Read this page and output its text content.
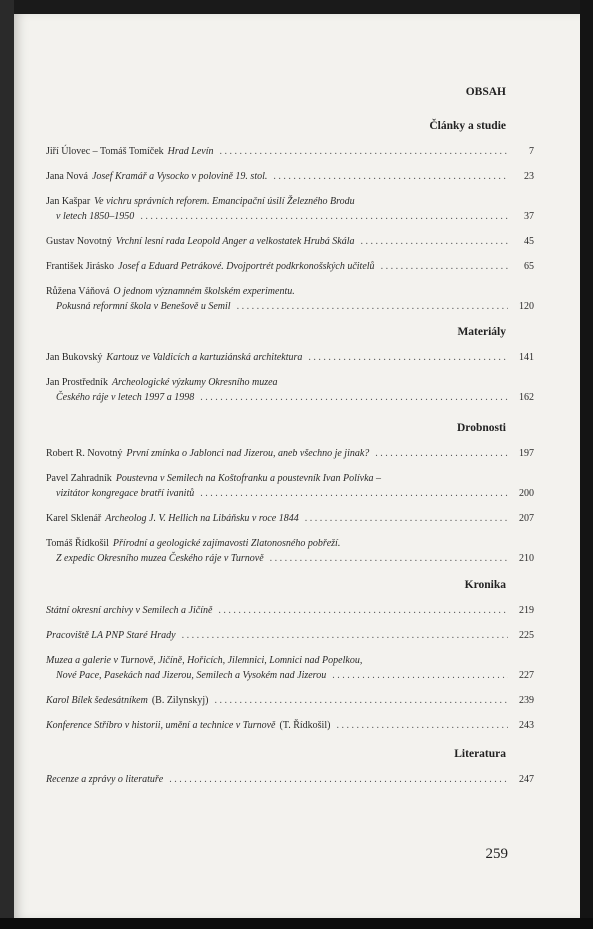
OBSAH
Články a studie
Jiří Úlovec – Tomáš Tomíček Hrad Levín . . .	7
Jana Nová Josef Kramář a Vysocko v polovině 19. stol. . . .	23
Jan Kašpar Ve vichru správních reforem. Emancipační úsilí Železného Brodu
v letech 1850–1950 . . .	37
Gustav Novotný Vrchní lesní rada Leopold Anger a velkostatek Hrubá Skála . . .	45
František Jirásko Josef a Eduard Petrákové. Dvojportrét podkrkonošských učitelů . . .	65
Růžena Váňová O jednom významném školském experimentu.
Pokusná reformní škola v Benešově u Semil . . .	120
Materiály
Jan Bukovský Kartouz ve Valdicích a kartuziánská architektura . . .	141
Jan Prostředník Archeologické výzkumy Okresního muzea
Českého ráje v letech 1997 a 1998 . . .	162
Drobnosti
Robert R. Novotný První zmínka o Jablonci nad Jizerou, aneb všechno je jinak? . . .	197
Pavel Zahradník Poustevna v Semilech na Koštofranku a poustevník Ivan Polívka –
vizitátor kongregace bratří ivanitů . . .	200
Karel Sklenář Archeolog J. V. Hellich na Libáňsku v roce 1844 . . .	207
Tomáš Řídkošil Přírodní a geologické zajímavosti Zlatonosného pobřeží.
Z expedic Okresního muzea Českého ráje v Turnově . . .	210
Kronika
Státní okresní archivy v Semilech a Jičíně . . .	219
Pracoviště LA PNP Staré Hrady . . .	225
Muzea a galerie v Turnově, Jičíně, Hořicích, Jilemnici, Lomnici nad Popelkou,
Nové Pace, Pasekách nad Jizerou, Semilech a Vysokém nad Jizerou . . .	227
Karol Bílek šedesátníkem (B. Zilynskyj) . . .	239
Konference Stříbro v historii, umění a technice v Turnově (T. Řídkošil) . . .	243
Literatura
Recenze a zprávy o literatuře . . .	247
259
